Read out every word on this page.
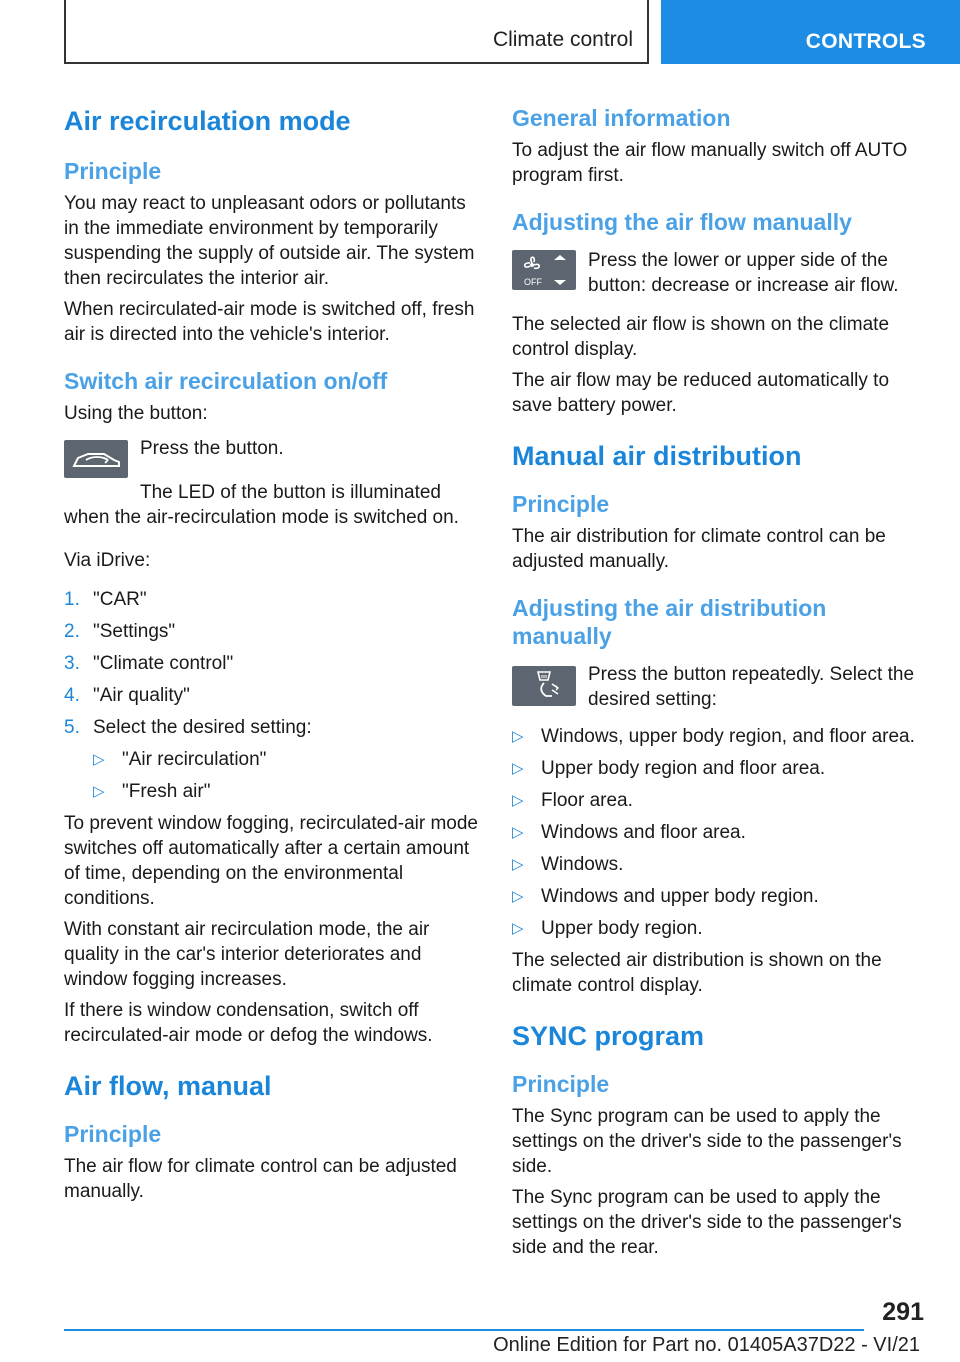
Climate control	CONTROLS
Air recirculation mode
Principle

You may react to unpleasant odors or pollutants in the immediate environment by temporarily suspending the supply of outside air. The system then recirculates the interior air.

When recirculated-air mode is switched off, fresh air is directed into the vehicle's interior.

Switch air recirculation on/off

Using the button:

Press the button.

The LED of the button is illuminated when the air-recirculation mode is switched on.

Via iDrive:

1. "CAR"
2. "Settings"
3. "Climate control"
4. "Air quality"
5. Select the desired setting:
▷ "Air recirculation"
▷ "Fresh air"

To prevent window fogging, recirculated-air mode switches off automatically after a certain amount of time, depending on the environmental conditions.

With constant air recirculation mode, the air quality in the car's interior deteriorates and window fogging increases.

If there is window condensation, switch off recirculated-air mode or defog the windows.

Air flow, manual
Principle

The air flow for climate control can be adjusted manually.

General information

To adjust the air flow manually switch off AUTO program first.

Adjusting the air flow manually
OFF

Press the lower or upper side of the button: decrease or increase air flow.

The selected air flow is shown on the climate control display.

The air flow may be reduced automatically to save battery power.

Manual air distribution
Principle

The air distribution for climate control can be adjusted manually.

Adjusting the air distribution manually

Press the button repeatedly. Select the desired setting:

▷ Windows, upper body region, and floor area.
▷ Upper body region and floor area.
▷ Floor area.
▷ Windows and floor area.
▷ Windows.
▷ Windows and upper body region.
▷ Upper body region.

The selected air distribution is shown on the climate control display.

SYNC program
Principle

The Sync program can be used to apply the settings on the driver's side to the passenger's side.

The Sync program can be used to apply the settings on the driver's side to the passenger's side and the rear.

291
Online Edition for Part no. 01405A37D22 - VI/21
